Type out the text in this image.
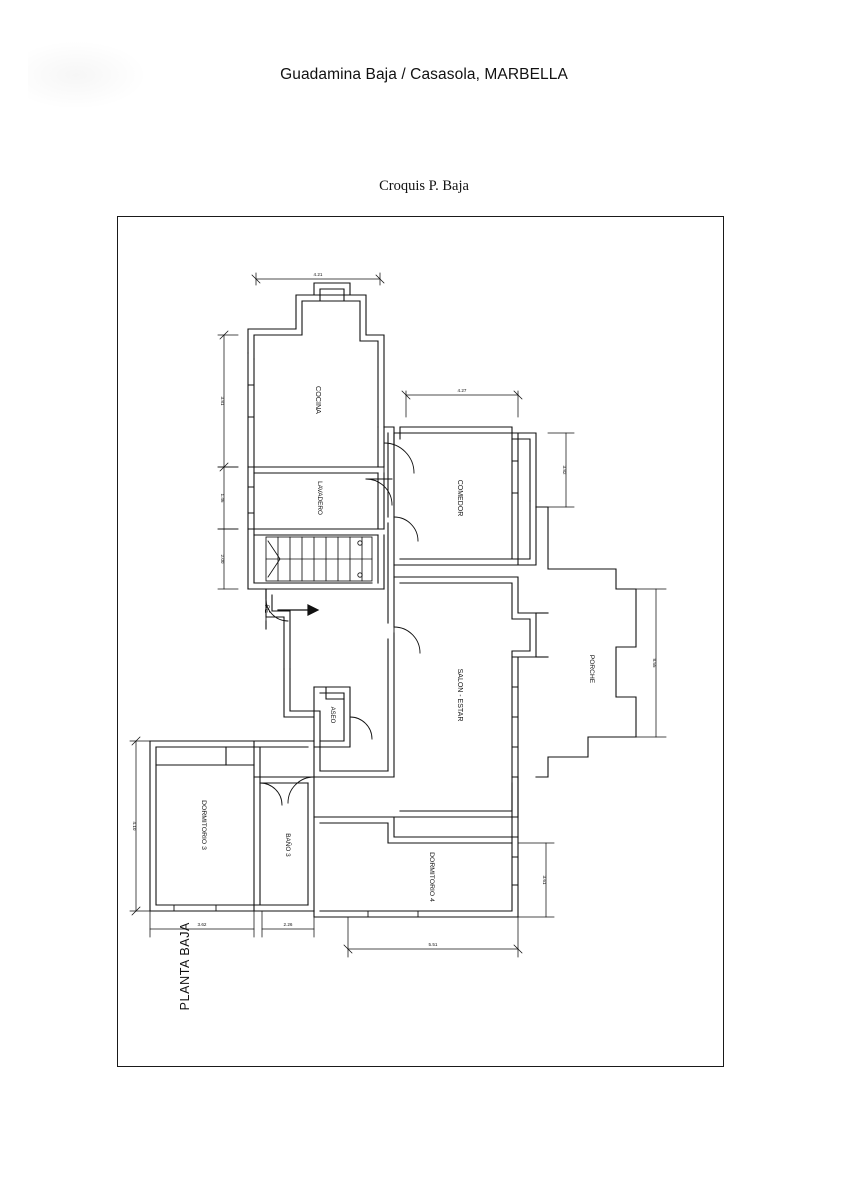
Guadamina Baja / Casasola, MARBELLA
Croquis P. Baja
COCINA
LAVADERO	COMEDOR
SALON - ESTAR	PORCHE
ASEO
DORMITORIO 3	BAÑO 3
DORMITORIO 4
PE
4.21
4.27
3.81
1.46
2.00
3.82
8.55
3.61
4.10
3.62	2.26
5.51
PLANTA BAJA
